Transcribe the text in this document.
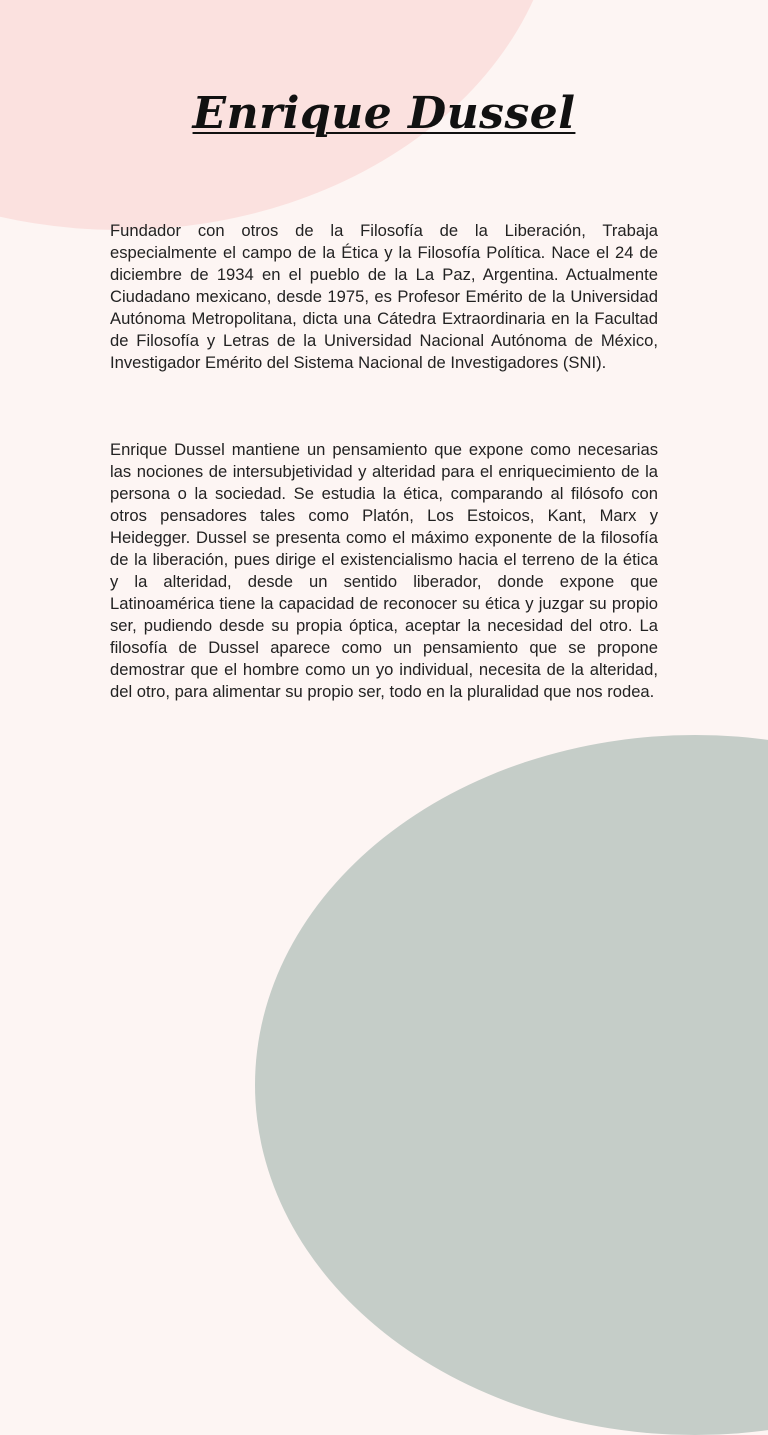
Enrique Dussel

Fundador con otros de la Filosofía de la Liberación, Trabaja especialmente el campo de la Ética y la Filosofía Política. Nace el 24 de diciembre de 1934 en el pueblo de la La Paz, Argentina. Actualmente Ciudadano mexicano, desde 1975, es Profesor Emérito de la Universidad Autónoma Metropolitana, dicta una Cátedra Extraordinaria en la Facultad de Filosofía y Letras de la Universidad Nacional Autónoma de México, Investigador Emérito del Sistema Nacional de Investigadores (SNI).

Enrique Dussel mantiene un pensamiento que expone como necesarias las nociones de intersubjetividad y alteridad para el enriquecimiento de la persona o la sociedad. Se estudia la ética, comparando al filósofo con otros pensadores tales como Platón, Los Estoicos, Kant, Marx y Heidegger. Dussel se presenta como el máximo exponente de la filosofía de la liberación, pues dirige el existencialismo hacia el terreno de la ética y la alteridad, desde un sentido liberador, donde expone que Latinoamérica tiene la capacidad de reconocer su ética y juzgar su propio ser, pudiendo desde su propia óptica, aceptar la necesidad del otro. La filosofía de Dussel aparece como un pensamiento que se propone demostrar que el hombre como un yo individual, necesita de la alteridad, del otro, para alimentar su propio ser, todo en la pluralidad que nos rodea.
